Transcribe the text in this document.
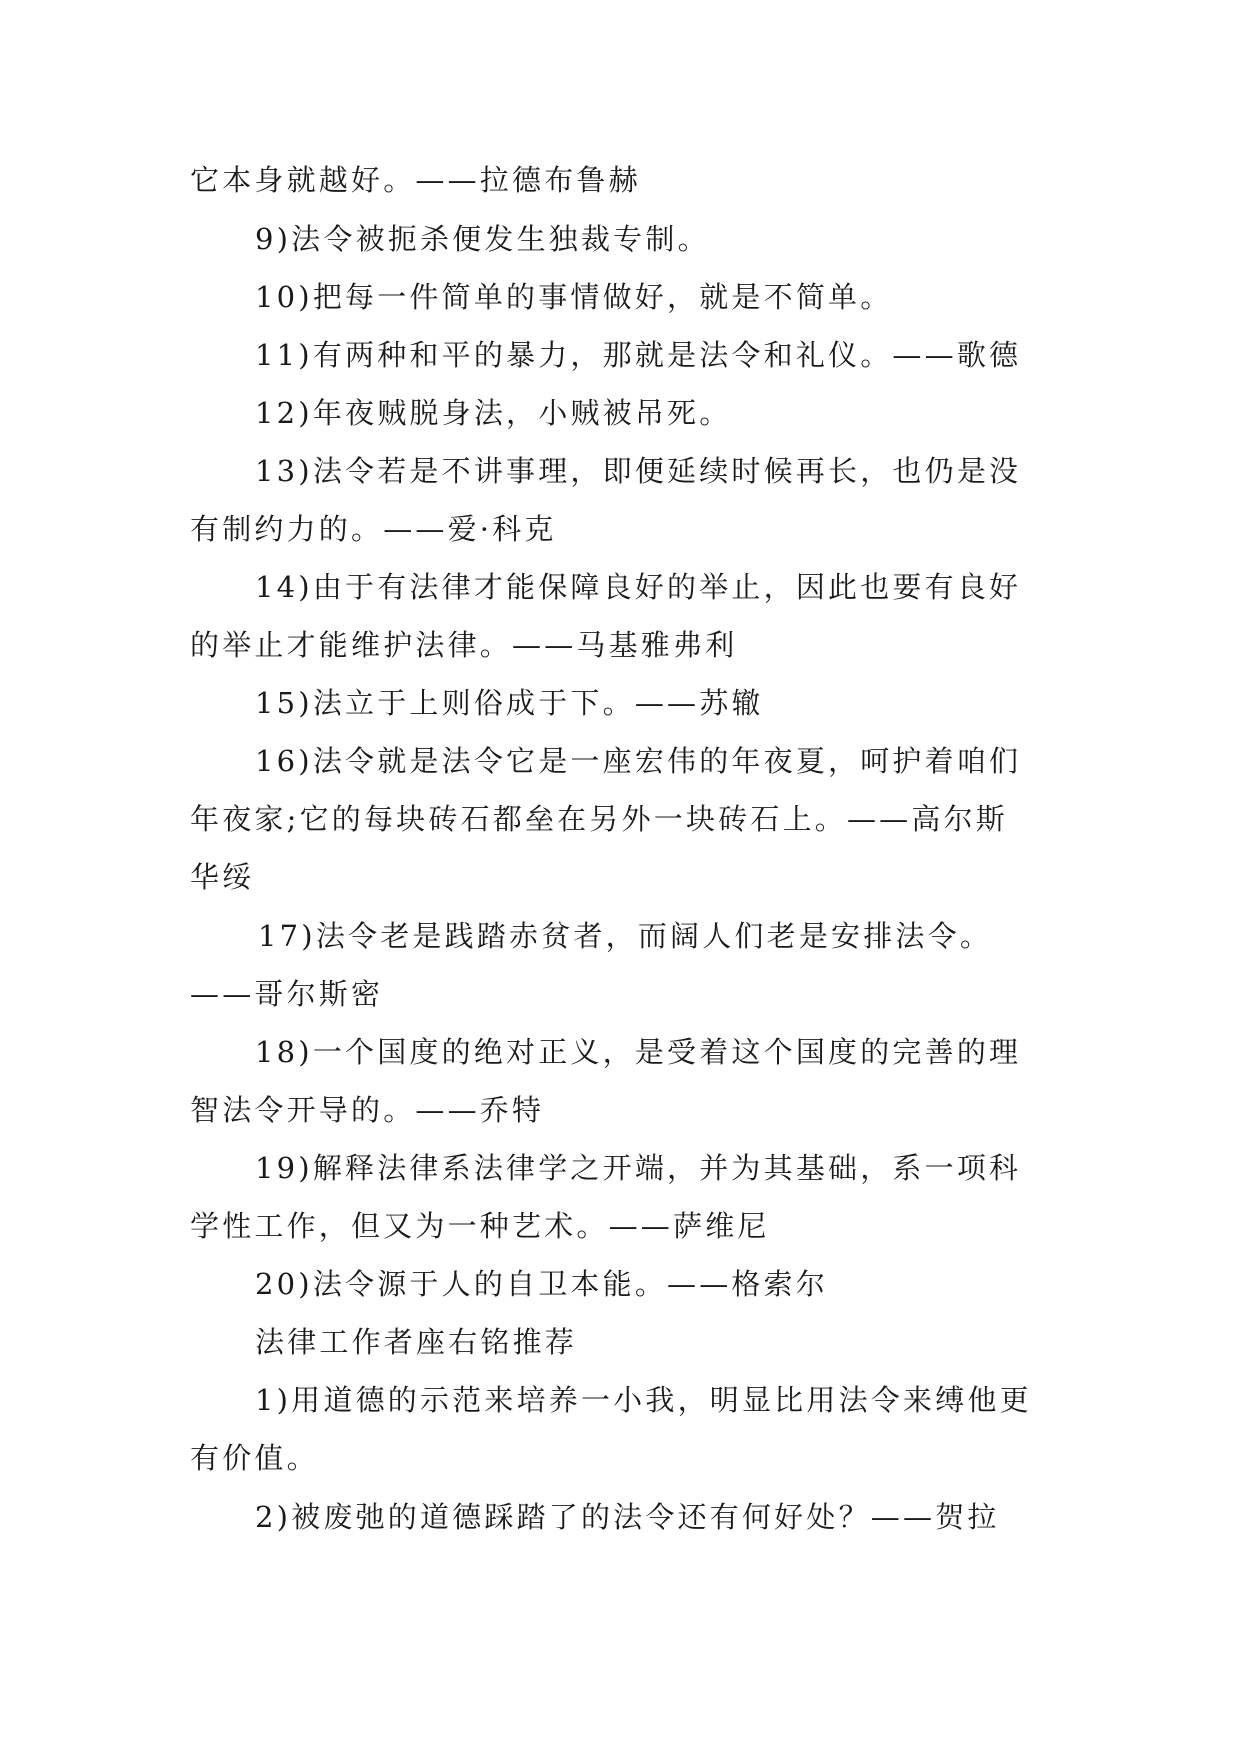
它本身就越好。——拉德布鲁赫
9)法令被扼杀便发生独裁专制。
10)把每一件简单的事情做好，就是不简单。
11)有两种和平的暴力，那就是法令和礼仪。——歌德
12)年夜贼脱身法，小贼被吊死。
13)法令若是不讲事理，即便延续时候再长，也仍是没
有制约力的。——爱·科克
14)由于有法律才能保障良好的举止，因此也要有良好
的举止才能维护法律。——马基雅弗利
15)法立于上则俗成于下。——苏辙
16)法令就是法令它是一座宏伟的年夜夏，呵护着咱们
年夜家;它的每块砖石都垒在另外一块砖石上。——高尔斯
华绥
17)法令老是践踏赤贫者，而阔人们老是安排法令。
——哥尔斯密
18)一个国度的绝对正义，是受着这个国度的完善的理
智法令开导的。——乔特
19)解释法律系法律学之开端，并为其基础，系一项科
学性工作，但又为一种艺术。——萨维尼
20)法令源于人的自卫本能。——格索尔
法律工作者座右铭推荐
1)用道德的示范来培养一小我，明显比用法令来缚他更
有价值。
2)被废弛的道德踩踏了的法令还有何好处？——贺拉
